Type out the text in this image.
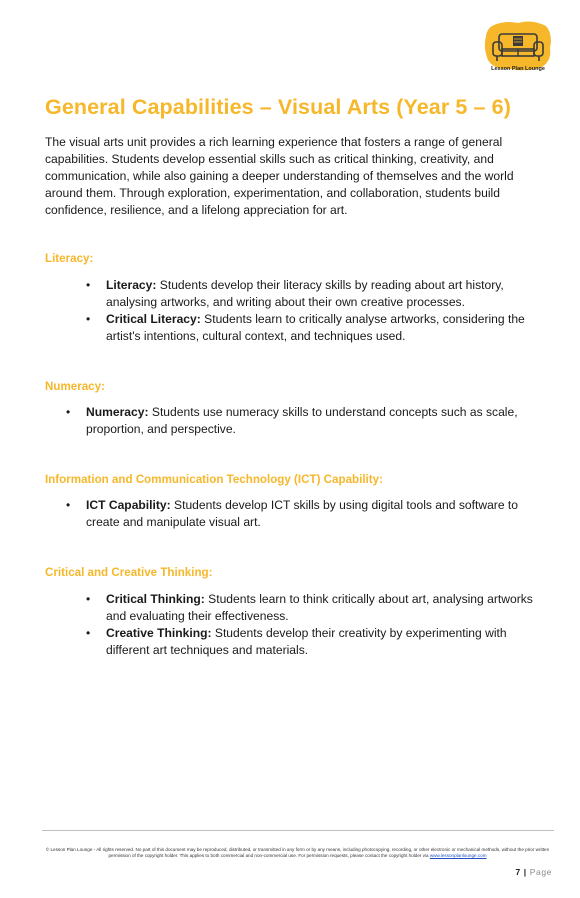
Lesson Plan Lounge
General Capabilities – Visual Arts (Year 5 – 6)

The visual arts unit provides a rich learning experience that fosters a range of general capabilities. Students develop essential skills such as critical thinking, creativity, and communication, while also gaining a deeper understanding of themselves and the world around them. Through exploration, experimentation, and collaboration, students build confidence, resilience, and a lifelong appreciation for art.

Literacy:
• Literacy: Students develop their literacy skills by reading about art history, analysing artworks, and writing about their own creative processes.
• Critical Literacy: Students learn to critically analyse artworks, considering the artist's intentions, cultural context, and techniques used.
Numeracy:
• Numeracy: Students use numeracy skills to understand concepts such as scale, proportion, and perspective.
Information and Communication Technology (ICT) Capability:
• ICT Capability: Students develop ICT skills by using digital tools and software to create and manipulate visual art.
Critical and Creative Thinking:
• Critical Thinking: Students learn to think critically about art, analysing artworks and evaluating their effectiveness.
• Creative Thinking: Students develop their creativity by experimenting with different art techniques and materials.
© Lesson Plan Lounge - All rights reserved. No part of this document may be reproduced, distributed, or transmitted in any form or by any means, including photocopying, recording, or other electronic or mechanical methods, without the prior written permission of the copyright holder. This applies to both commercial and non-commercial use. For permission requests, please contact the copyright holder via www.lessonplanlounge.com
7 | Page
